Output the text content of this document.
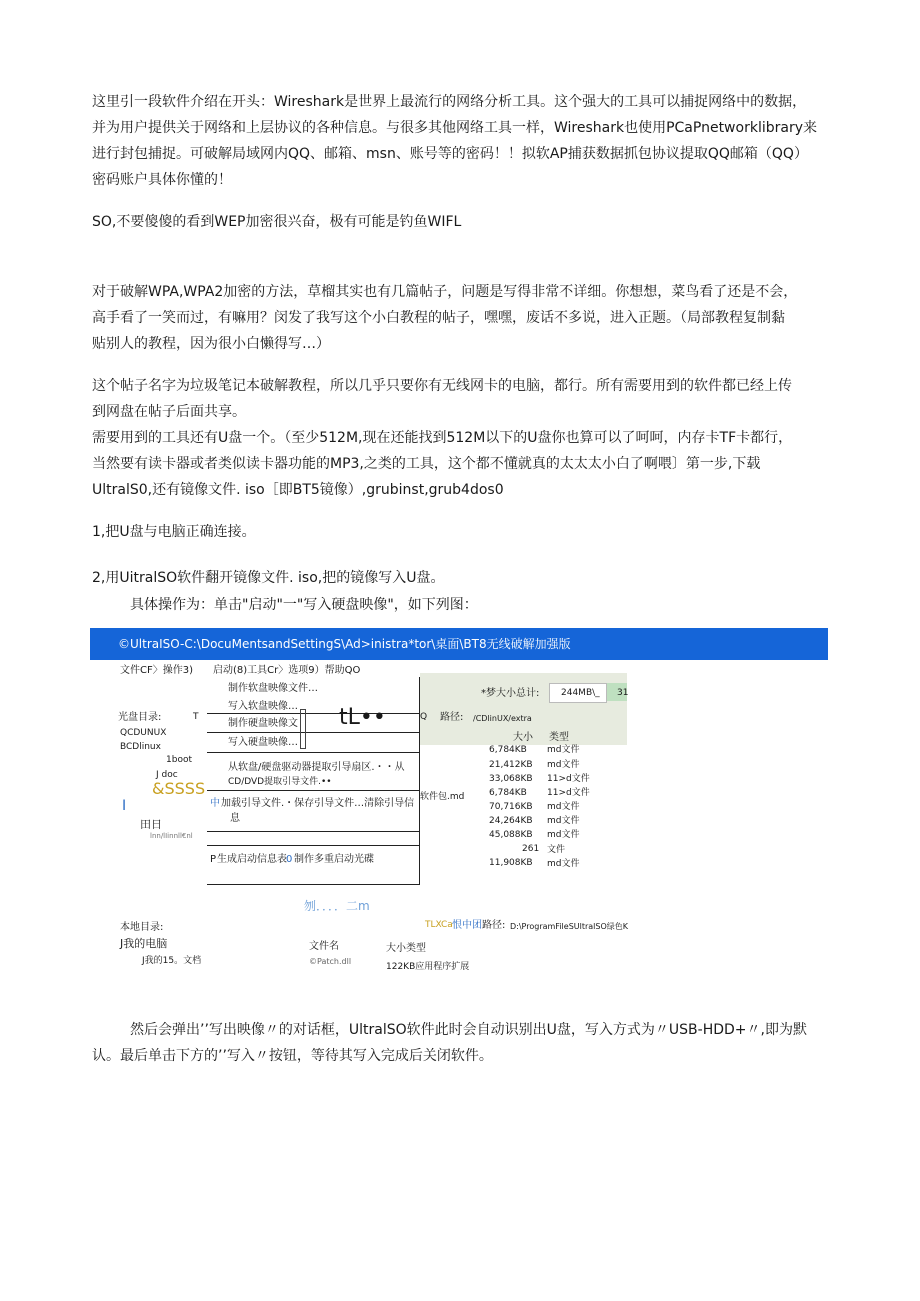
这里引一段软件介绍在开头：Wireshark是世界上最流行的网络分析工具。这个强大的工具可以捕捉网络中的数据，
并为用户提供关于网络和上层协议的各种信息。与很多其他网络工具一样，Wireshark也使用PCaPnetworklibrary来
进行封包捕捉。可破解局域网内QQ、邮箱、msn、账号等的密码！！拟软AP捕获数据抓包协议提取QQ邮箱（QQ）
密码账户具体你懂的！
SO,不要傻傻的看到WEP加密很兴奋，极有可能是钓鱼WIFL
对于破解WPA,WPA2加密的方法，草榴其实也有几篇帖子，问题是写得非常不详细。你想想，菜鸟看了还是不会，
高手看了一笑而过，有嘛用？闵发了我写这个小白教程的帖子，嘿嘿，废话不多说，进入正题。（局部教程复制黏
贴别人的教程，因为很小白懒得写…）
这个帖子名字为垃圾笔记本破解教程，所以几乎只要你有无线网卡的电脑，都行。所有需要用到的软件都已经上传
到网盘在帖子后面共享。
需要用到的工具还有U盘一个。（至少512M,现在还能找到512M以下的U盘你也算可以了呵呵，内存卡TF卡都行，
当然要有读卡器或者类似读卡器功能的MP3,之类的工具，这个都不懂就真的太太太小白了啊喂〕第一步,下载
UltralS0,还有镜像文件. iso［即BT5镜像）,grubinst,grub4dos0
1,把U盘与电脑正确连接。
2,用UitralSO软件翻开镜像文件. iso,把的镜像写入U盘。
具体操作为：单击"启动"一"写入硬盘映像"，如下列图：
©UltraISO-C:\DocuMentsandSettingS\Ad>inistra*tor\桌面\BT8无线破解加强版
文件CF〉操作3) 启动(8)工具Cr〉选项9）帮助QO
制作软盘映像文件…
写入软盘映像…
制作硬盘映像文
写入硬盘映像…
tL••
从软盘/硬盘驱动器提取引导扇区.・・从
CD/DVD提取引导文件.••
中 加载引导文件.・保存引导文件…清除引导信
息
P 生成启动信息表 0 制作多重启动光碟
光盘目录:	T
QCDUNUX
BCDlinux
1boot
J doc
&SSSS
I
田日
lnn/lIinnll€nl
*梦大小总计: 244MB\_ 31
Q 路径: /CDlinUX/extra
大小 类型
软件包.md
6,784KB
21,412KB
33,068KB
6,784KB
70,716KB
24,264KB
45,088KB
261
11,908KB
md文件
md文件
11>d文件
11>d文件
md文件
md文件
md文件
文件
md文件
刎．．．．二m
本地目录:
J我的电脑
J我的15。文档
TLXCa 恨中团 路径: D:\ProgramFileSUltralSO绿色K
文件名	大小类型
©Patch.dll
122KB应用程序扩展
然后会弹出’’写出映像〃的对话框，UltralSO软件此时会自动识别出U盘，写入方式为〃USB-HDD+〃,即为默
认。最后单击下方的’’写入〃按钮，等待其写入完成后关闭软件。
